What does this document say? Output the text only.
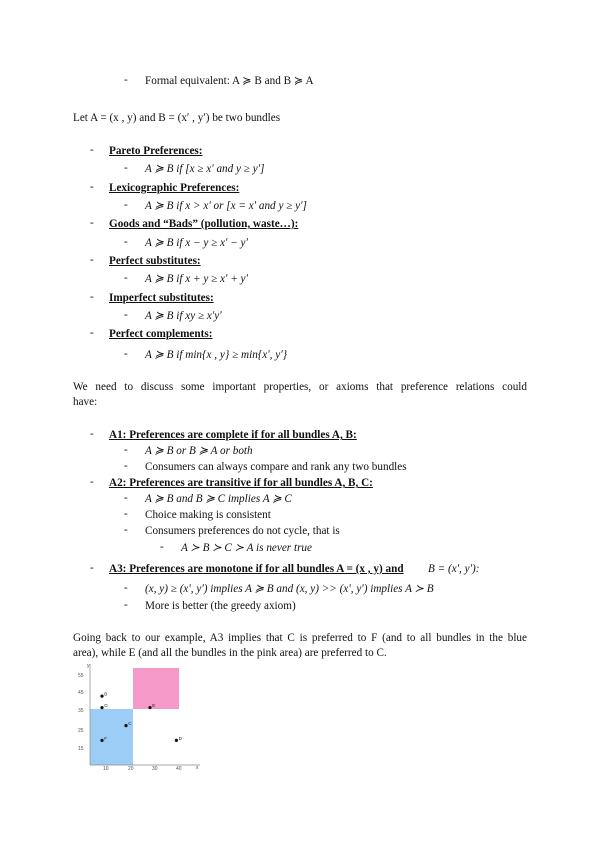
- Formal equivalent: A ≽ B and B ≽ A
Let A = (x , y) and B = (xʹ , yʹ) be two bundles
- Pareto Preferences:
- A ≽ B if [x ≥ xʹ and y ≥ yʹ]
- Lexicographic Preferences:
- A ≽ B if x > xʹ or [x = xʹ and y ≥ yʹ]
- Goods and “Bads” (pollution, waste…):
- A ≽ B if x − y ≥ xʹ − yʹ
- Perfect substitutes:
- A ≽ B if x + y ≥ xʹ + yʹ
- Imperfect substitutes:
- A ≽ B if xy ≥ xʹyʹ
- Perfect complements:
- A ≽ B if min{x , y} ≥ min{xʹ, yʹ}
We need to discuss some important properties, or axioms that preference relations could
have:
- A1: Preferences are complete if for all bundles A, B:
- A ≽ B or B ≽ A or both
- Consumers can always compare and rank any two bundles
- A2: Preferences are transitive if for all bundles A, B, C:
- A ≽ B and B ≽ C implies A ≽ C
- Choice making is consistent
- Consumers preferences do not cycle, that is
- A ≻ B ≻ C ≻ A is never true
- A3: Preferences are monotone if for all bundles A = (x , y) and B = (xʹ, yʹ):
- (x, y) ≥ (xʹ, yʹ) implies A ≽ B and (x, y) >> (xʹ, yʹ) implies A ≻ B
- More is better (the greedy axiom)
Going back to our example, A3 implies that C is preferred to F (and to all bundles in the blue
area), while E (and all the bundles in the pink area) are preferred to C.
y
x
55
45
35
25
15
10	20	30	40
B
G
C
E
F	D
